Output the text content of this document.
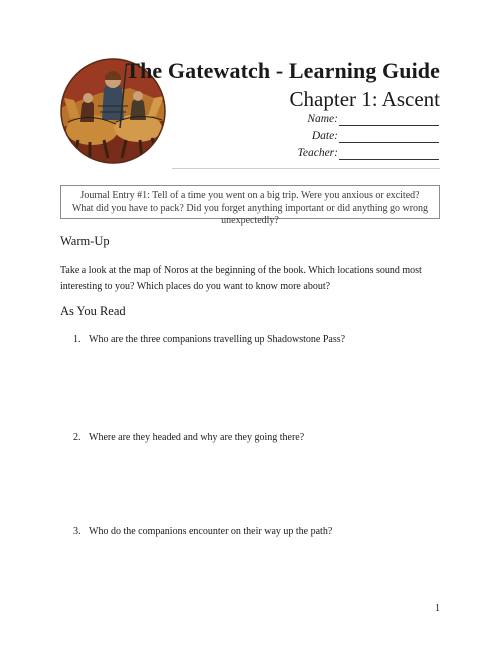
The Gatewatch - Learning Guide
Chapter 1: Ascent
Name:
Date:
Teacher:
Journal Entry #1: Tell of a time you went on a big trip. Were you anxious or excited? What did you have to pack? Did you forget anything important or did anything go wrong unexpectedly?
Warm-Up
Take a look at the map of Noros at the beginning of the book. Which locations sound most interesting to you? Which places do you want to know more about?
As You Read
1. Who are the three companions travelling up Shadowstone Pass?
2. Where are they headed and why are they going there?
3. Who do the companions encounter on their way up the path?
1
